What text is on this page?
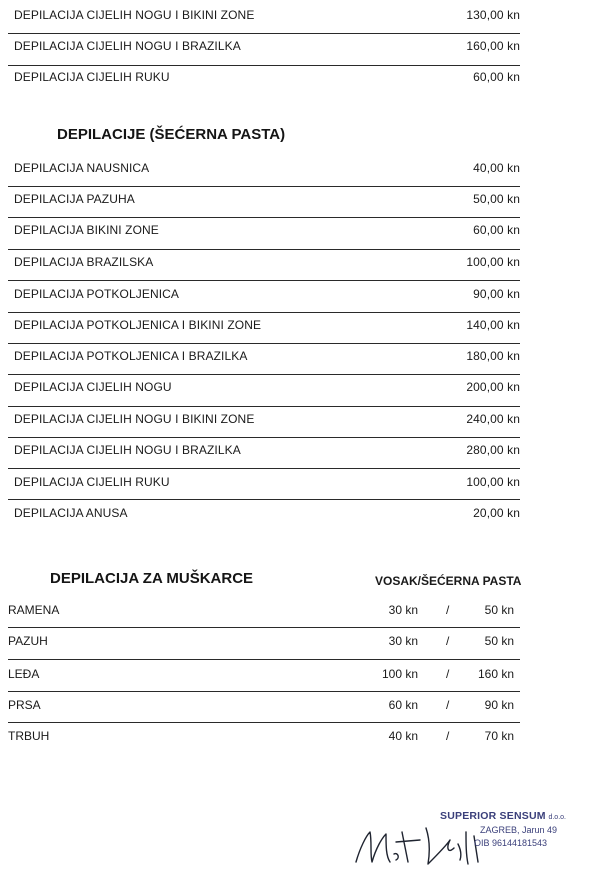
DEPILACIJA CIJELIH NOGU I BIKINI ZONE	130,00 kn
DEPILACIJA CIJELIH NOGU I BRAZILKA	160,00 kn
DEPILACIJA CIJELIH RUKU	60,00 kn
DEPILACIJE (ŠEĆERNA PASTA)
DEPILACIJA NAUSNICA	40,00 kn
DEPILACIJA PAZUHA	50,00 kn
DEPILACIJA BIKINI ZONE	60,00 kn
DEPILACIJA BRAZILSKA	100,00 kn
DEPILACIJA POTKOLJENICA	90,00 kn
DEPILACIJA POTKOLJENICA I BIKINI ZONE	140,00 kn
DEPILACIJA POTKOLJENICA I BRAZILKA	180,00 kn
DEPILACIJA CIJELIH NOGU	200,00 kn
DEPILACIJA CIJELIH NOGU I BIKINI ZONE	240,00 kn
DEPILACIJA CIJELIH NOGU I BRAZILKA	280,00 kn
DEPILACIJA CIJELIH RUKU	100,00 kn
DEPILACIJA ANUSA	20,00 kn
DEPILACIJA ZA MUŠKARCE	VOSAK/ŠEĆERNA PASTA
RAMENA	30 kn /	50 kn
PAZUH	30 kn /	50 kn
LEĐA	100 kn / 160 kn
PRSA	60 kn /	90 kn
TRBUH	40 kn /	70 kn
SUPERIOR SENSUM d.o.o.
ZAGREB, Jarun 49
OIB 96144181543
